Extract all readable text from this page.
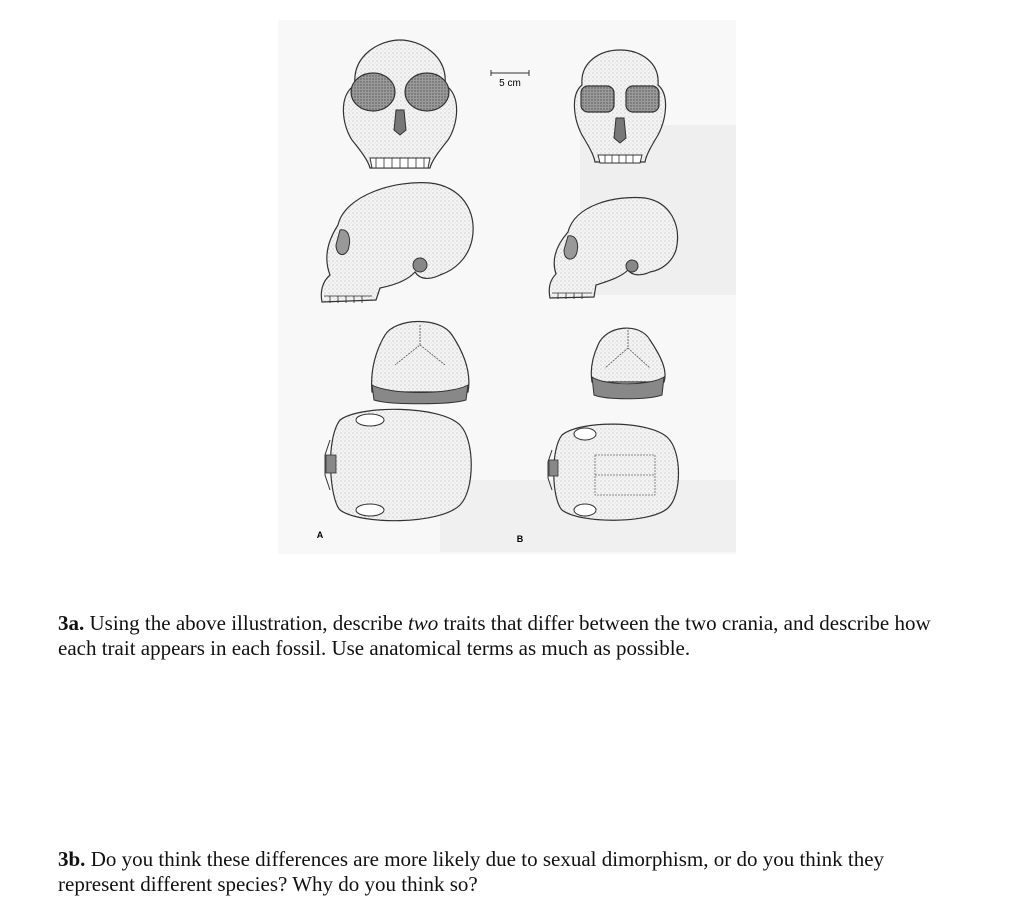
5 cm
A	B

3a. Using the above illustration, describe two traits that differ between the two crania, and describe how each trait appears in each fossil. Use anatomical terms as much as possible.

3b. Do you think these differences are more likely due to sexual dimorphism, or do you think they represent different species? Why do you think so?
